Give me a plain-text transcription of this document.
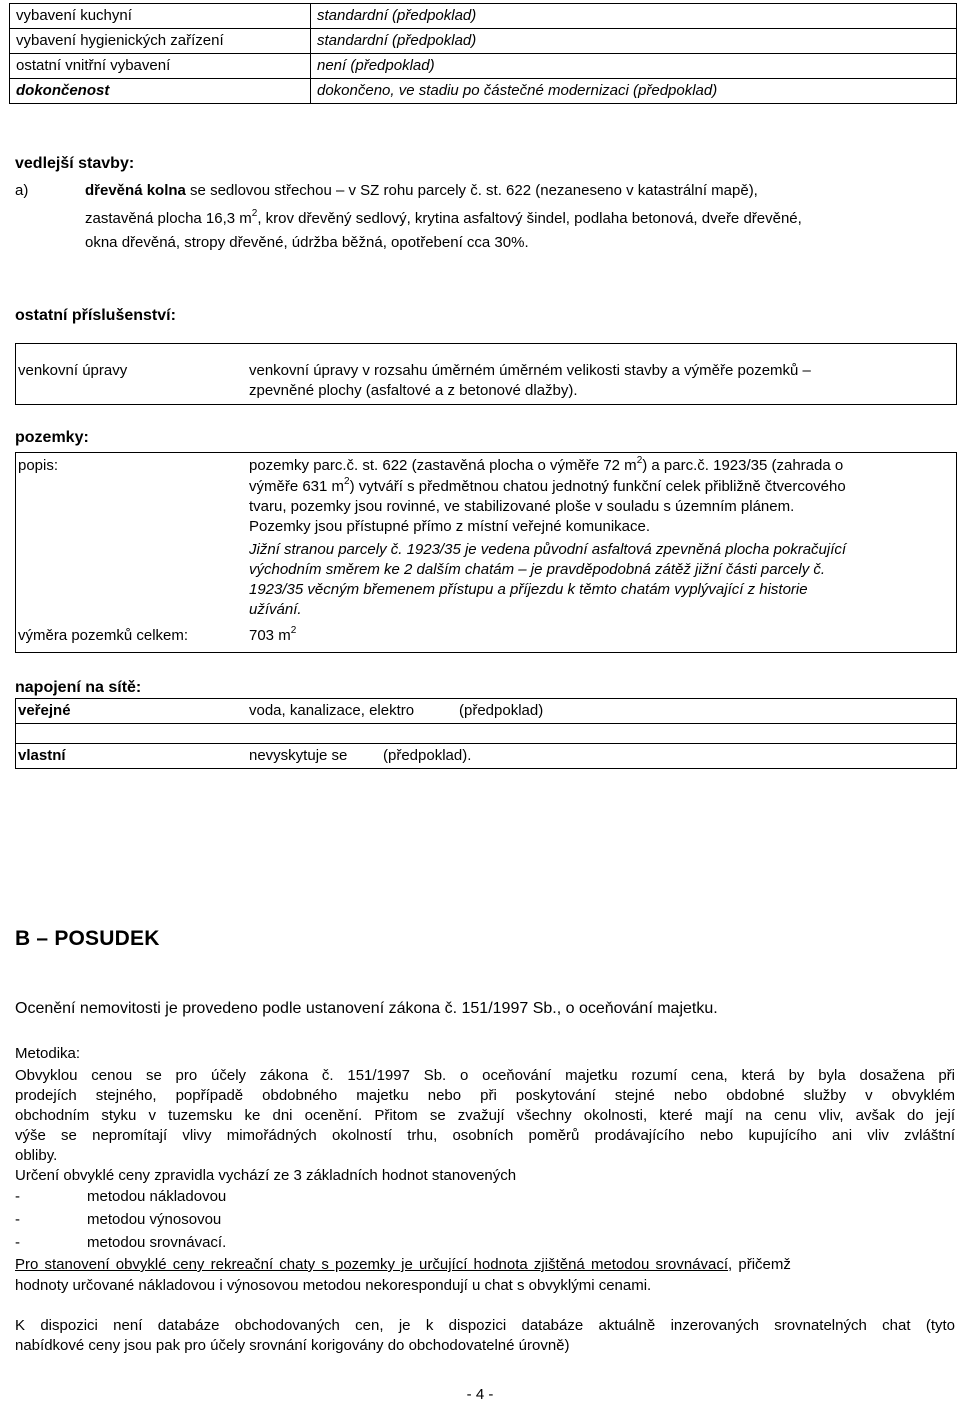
vybavení kuchyní	standardní (předpoklad)
vybavení hygienických zařízení	standardní (předpoklad)
ostatní vnitřní vybavení	není (předpoklad)
dokončenost	dokončeno, ve stadiu po částečné modernizaci (předpoklad)
vedlejší stavby:
a)	dřevěná kolna se sedlovou střechou – v SZ rohu parcely č. st. 622 (nezaneseno v katastrální mapě),
zastavěná plocha 16,3 $m^2$, krov dřevěný sedlový, krytina asfaltový šindel, podlaha betonová, dveře dřevěné,
okna dřevěná, stropy dřevěné, údržba běžná, opotřebení cca 30%.
ostatní příslušenství:
venkovní úpravy	venkovní úpravy v rozsahu úměrném úměrném velikosti stavby a výměře pozemků –
zpevněné plochy (asfaltové a z betonové dlažby).
pozemky:
popis:	pozemky parc.č. st. 622 (zastavěná plocha o výměře 72 $m^2$) a parc.č. 1923/35 (zahrada o
výměře 631 $m^2$) vytváří s předmětnou chatou jednotný funkční celek přibližně čtvercového
tvaru, pozemky jsou rovinné, ve stabilizované ploše v souladu s územním plánem.
Pozemky jsou přístupné přímo z místní veřejné komunikace.
Jižní stranou parcely č. 1923/35 je vedena původní asfaltová zpevněná plocha pokračující
východním směrem ke 2 dalším chatám – je pravděpodobná zátěž jižní části parcely č.
1923/35 věcným břemenem přístupu a příjezdu k těmto chatám vyplývající z historie
užívání.
výměra pozemků celkem:	703 $m^2$
napojení na sítě:
veřejné	voda, kanalizace, elektro	(předpoklad)
vlastní	nevyskytuje se (předpoklad).
B – POSUDEK
Ocenění nemovitosti je provedeno podle ustanovení zákona č. 151/1997 Sb., o oceňování majetku.
Metodika:
Obvyklou cenou se pro účely zákona č. 151/1997 Sb. o oceňování majetku rozumí cena, která by byla dosažena při
prodejích stejného, popřípadě obdobného majetku nebo při poskytování stejné nebo obdobné služby v obvyklém
obchodním styku v tuzemsku ke dni ocenění. Přitom se zvažují všechny okolnosti, které mají na cenu vliv, avšak do její
výše se nepromítají vlivy mimořádných okolností trhu, osobních poměrů prodávajícího nebo kupujícího ani vliv zvláštní
obliby.
Určení obvyklé ceny zpravidla vychází ze 3 základních hodnot stanovených
-	metodou nákladovou
-	metodou výnosovou
-	metodou srovnávací.
Pro stanovení obvyklé ceny rekreační chaty s pozemky je určující hodnota zjištěná metodou srovnávací, přičemž
hodnoty určované nákladovou i výnosovou metodou nekorespondují u chat s obvyklými cenami.
K dispozici není databáze obchodovaných cen, je k dispozici databáze aktuálně inzerovaných srovnatelných chat (tyto
nabídkové ceny jsou pak pro účely srovnání korigovány do obchodovatelné úrovně)
- 4 -
